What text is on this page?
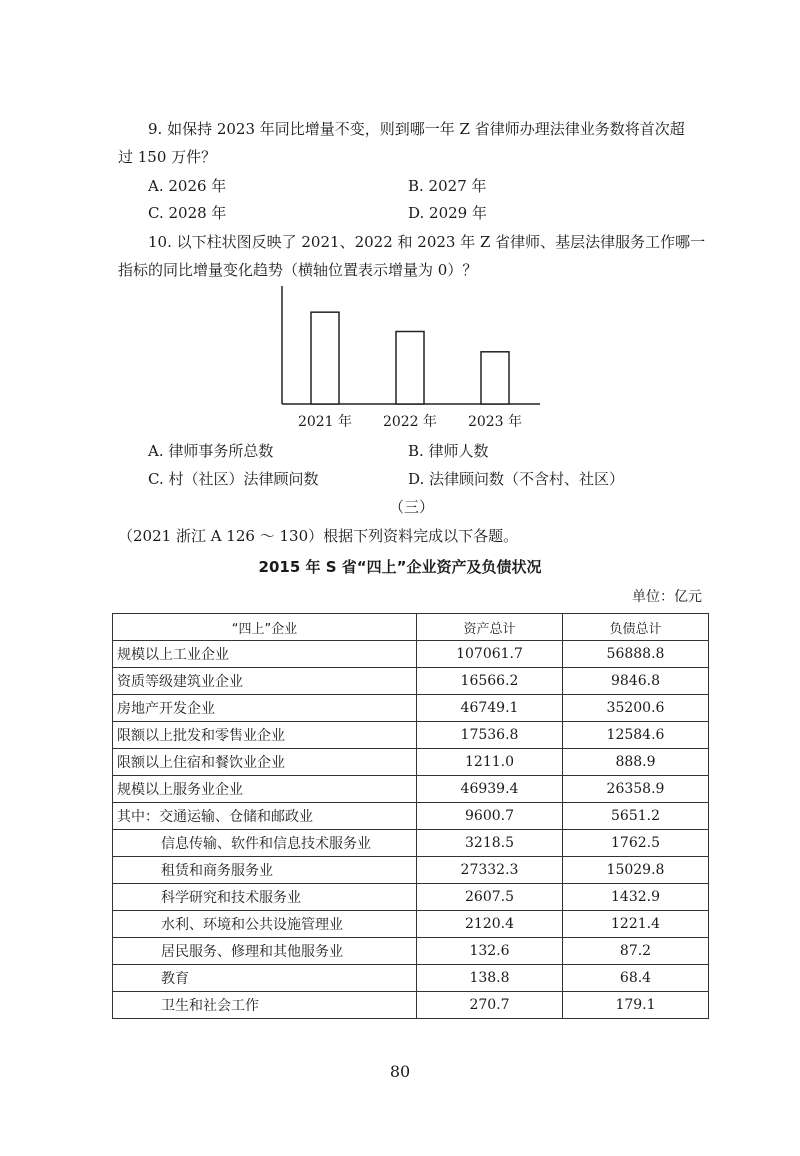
9. 如保持 2023 年同比增量不变，则到哪一年 Z 省律师办理法律业务数将首次超
过 150 万件？
A. 2026 年	B. 2027 年
C. 2028 年	D. 2029 年
10. 以下柱状图反映了 2021、2022 和 2023 年 Z 省律师、基层法律服务工作哪一
指标的同比增量变化趋势（横轴位置表示增量为 0）？
2021 年 2022 年 2023 年
A. 律师事务所总数	B. 律师人数
C. 村（社区）法律顾问数	D. 法律顾问数（不含村、社区）
（三）
（2021 浙江 A 126 ～ 130）根据下列资料完成以下各题。
2015 年 S 省“四上”企业资产及负债状况
单位：亿元
“四上”企业	资产总计	负债总计
规模以上工业企业	107061.7	56888.8
资质等级建筑业企业	16566.2	9846.8
房地产开发企业	46749.1	35200.6
限额以上批发和零售业企业	17536.8	12584.6
限额以上住宿和餐饮业企业	1211.0	888.9
规模以上服务业企业	46939.4	26358.9
其中：交通运输、仓储和邮政业	9600.7	5651.2
信息传输、软件和信息技术服务业	3218.5	1762.5
租赁和商务服务业	27332.3	15029.8
科学研究和技术服务业	2607.5	1432.9
水利、环境和公共设施管理业	2120.4	1221.4
居民服务、修理和其他服务业	132.6	87.2
教育	138.8	68.4
卫生和社会工作	270.7	179.1
80
